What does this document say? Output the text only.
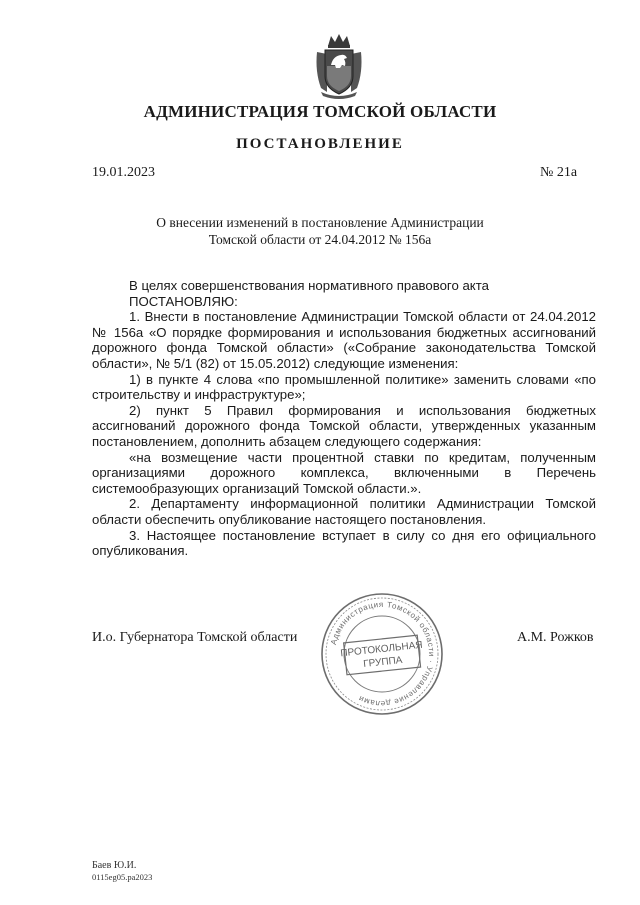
АДМИНИСТРАЦИЯ ТОМСКОЙ ОБЛАСТИ
ПОСТАНОВЛЕНИЕ
19.01.2023	№ 21а
О внесении изменений в постановление Администрации
Томской области от 24.04.2012 № 156а

В целях совершенствования нормативного правового акта

ПОСТАНОВЛЯЮ:

1. Внести в постановление Администрации Томской области от 24.04.2012 № 156а «О порядке формирования и использования бюджетных ассигнований дорожного фонда Томской области» («Собрание законодательства Томской области», № 5/1 (82) от 15.05.2012) следующие изменения:

1) в пункте 4 слова «по промышленной политике» заменить словами «по строительству и инфраструктуре»;

2) пункт 5 Правил формирования и использования бюджетных ассигнований дорожного фонда Томской области, утвержденных указанным постановлением, дополнить абзацем следующего содержания:

«на возмещение части процентной ставки по кредитам, полученным организациями дорожного комплекса, включенными в Перечень системообразующих организаций Томской области.».

2. Департаменту информационной политики Администрации Томской области обеспечить опубликование настоящего постановления.

3. Настоящее постановление вступает в силу со дня его официального опубликования.

И.о. Губернатора Томской области	А.М. Рожков
Администрация Томской области · Управление делами
ПРОТОКОЛЬНАЯ
ГРУППА
Баев Ю.И.
0115eg05.pa2023
